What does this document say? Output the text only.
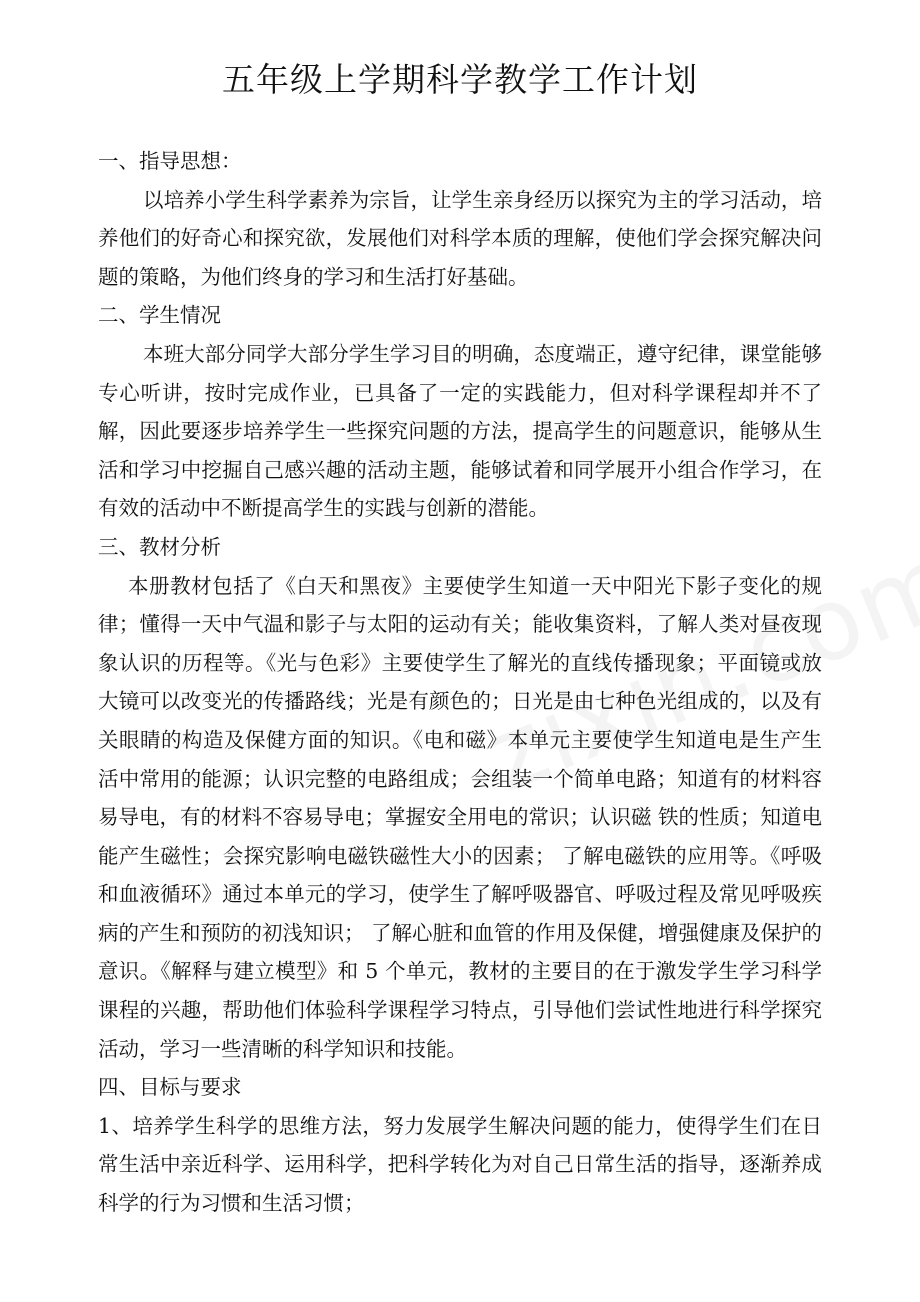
五年级上学期科学教学工作计划

一、指导思想：

以培养小学生科学素养为宗旨，让学生亲身经历以探究为主的学习活动，培养他们的好奇心和探究欲，发展他们对科学本质的理解，使他们学会探究解决问题的策略，为他们终身的学习和生活打好基础。

二、学生情况

本班大部分同学大部分学生学习目的明确，态度端正，遵守纪律，课堂能够专心听讲，按时完成作业，已具备了一定的实践能力，但对科学课程却并不了解，因此要逐步培养学生一些探究问题的方法，提高学生的问题意识，能够从生活和学习中挖掘自己感兴趣的活动主题，能够试着和同学展开小组合作学习，在有效的活动中不断提高学生的实践与创新的潜能。

三、教材分析

本册教材包括了《白天和黑夜》主要使学生知道一天中阳光下影子变化的规律；懂得一天中气温和影子与太阳的运动有关；能收集资料，了解人类对昼夜现象认识的历程等。《光与色彩》主要使学生了解光的直线传播现象；平面镜或放大镜可以改变光的传播路线；光是有颜色的；日光是由七种色光组成的，以及有关眼睛的构造及保健方面的知识。《电和磁》本单元主要使学生知道电是生产生活中常用的能源；认识完整的电路组成；会组装一个简单电路；知道有的材料容易导电，有的材料不容易导电；掌握安全用电的常识；认识磁 铁的性质；知道电能产生磁性；会探究影响电磁铁磁性大小的因素； 了解电磁铁的应用等。《呼吸和血液循环》通过本单元的学习，使学生了解呼吸器官、呼吸过程及常见呼吸疾病的产生和预防的初浅知识； 了解心脏和血管的作用及保健，增强健康及保护的意识。《解释与建立模型》和 5 个单元，教材的主要目的在于激发学生学习科学课程的兴趣，帮助他们体验科学课程学习特点，引导他们尝试性地进行科学探究活动，学习一些清晰的科学知识和技能。

四、目标与要求

1、培养学生科学的思维方法，努力发展学生解决问题的能力，使得学生们在日常生活中亲近科学、运用科学，把科学转化为对自己日常生活的指导，逐渐养成科学的行为习惯和生活习惯；
